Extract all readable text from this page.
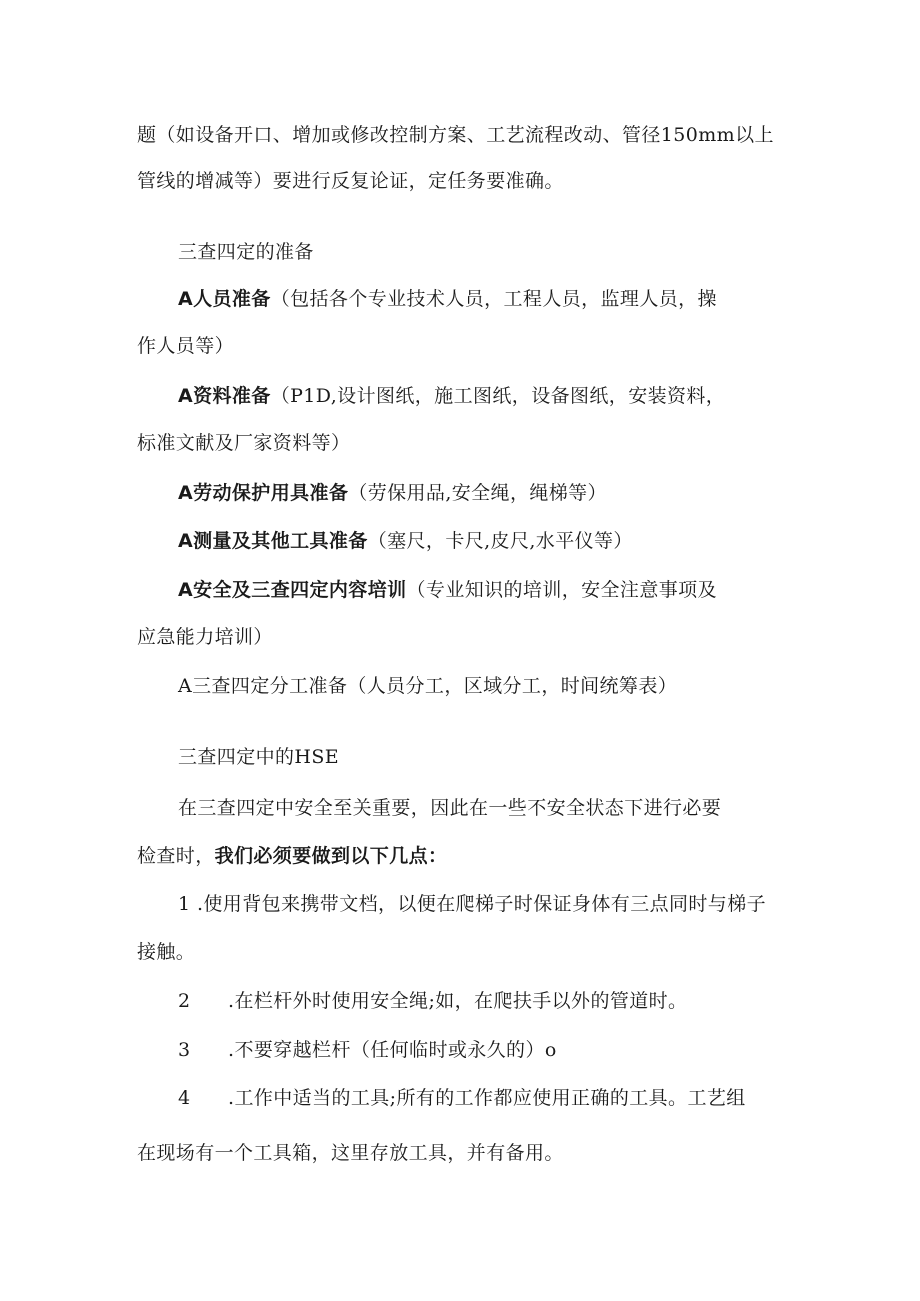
题（如设备开口、增加或修改控制方案、工艺流程改动、管径150mm以上
管线的增减等）要进行反复论证，定任务要准确。
三查四定的准备
A人员准备（包括各个专业技术人员，工程人员，监理人员，操
作人员等）
A资料准备（P1D,设计图纸，施工图纸，设备图纸，安装资料，
标准文献及厂家资料等）
A劳动保护用具准备（劳保用品,安全绳，绳梯等）
A测量及其他工具准备（塞尺，卡尺,皮尺,水平仪等）
A安全及三查四定内容培训（专业知识的培训，安全注意事项及
应急能力培训）
A三查四定分工准备（人员分工，区域分工，时间统筹表）
三查四定中的HSE
在三查四定中安全至关重要，因此在一些不安全状态下进行必要
检查时，我们必须要做到以下几点：
1 .使用背包来携带文档，以便在爬梯子时保证身体有三点同时与梯子
接触。
2 .在栏杆外时使用安全绳;如，在爬扶手以外的管道时。
3 .不要穿越栏杆（任何临时或永久的）o
4 .工作中适当的工具;所有的工作都应使用正确的工具。工艺组
在现场有一个工具箱，这里存放工具，并有备用。
